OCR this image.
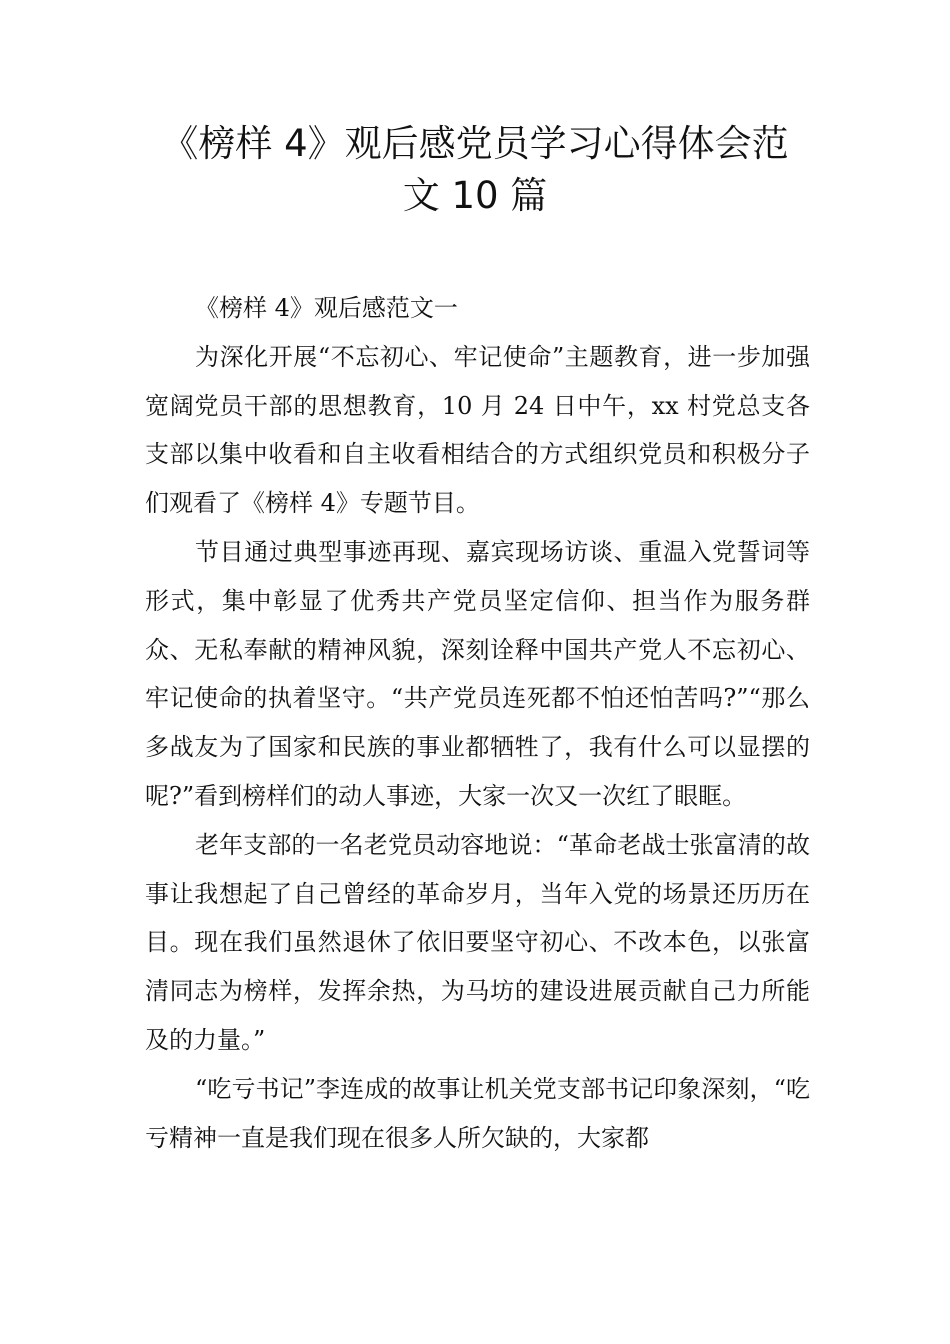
《榜样 4》观后感党员学习心得体会范
文 10 篇

《榜样 4》观后感范文一

为深化开展“不忘初心、牢记使命”主题教育，进一步加强宽阔党员干部的思想教育，10 月 24 日中午，xx 村党总支各支部以集中收看和自主收看相结合的方式组织党员和积极分子们观看了《榜样 4》专题节目。

节目通过典型事迹再现、嘉宾现场访谈、重温入党誓词等形式，集中彰显了优秀共产党员坚定信仰、担当作为服务群众、无私奉献的精神风貌，深刻诠释中国共产党人不忘初心、牢记使命的执着坚守。“共产党员连死都不怕还怕苦吗?”“那么多战友为了国家和民族的事业都牺牲了，我有什么可以显摆的呢?”看到榜样们的动人事迹，大家一次又一次红了眼眶。

老年支部的一名老党员动容地说：“革命老战士张富清的故事让我想起了自己曾经的革命岁月，当年入党的场景还历历在目。现在我们虽然退休了依旧要坚守初心、不改本色，以张富清同志为榜样，发挥余热，为马坊的建设进展贡献自己力所能及的力量。”

“吃亏书记”李连成的故事让机关党支部书记印象深刻，“吃亏精神一直是我们现在很多人所欠缺的，大家都
